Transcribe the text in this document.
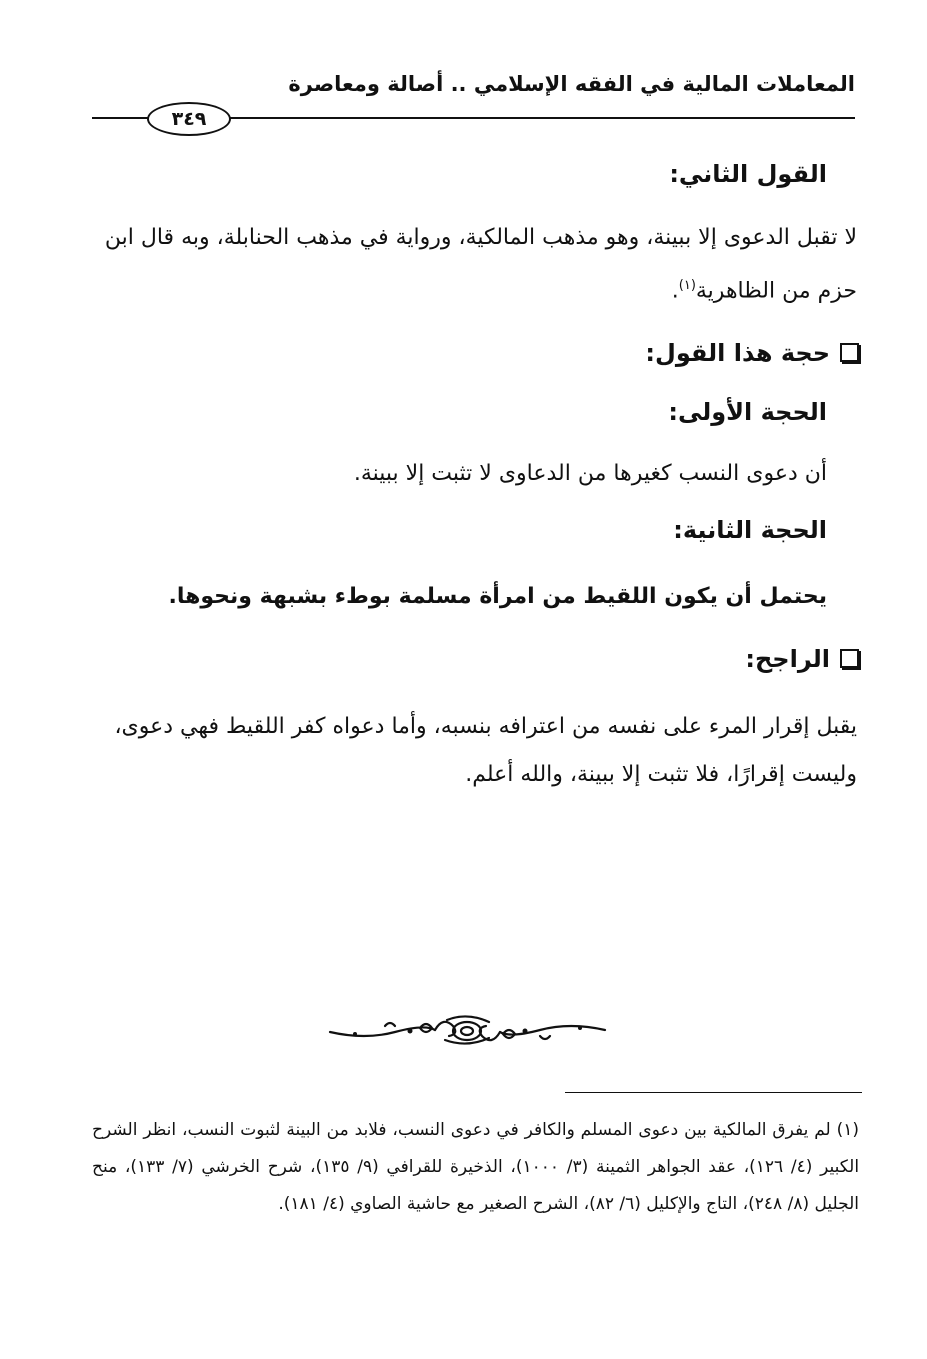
المعاملات المالية في الفقه الإسلامي .. أصالة ومعاصرة
٣٤٩
القول الثاني:
لا تقبل الدعوى إلا ببينة، وهو مذهب المالكية، ورواية في مذهب الحنابلة، وبه قال ابن حزم من الظاهرية$^{(١)}$.
حجة هذا القول:
الحجة الأولى:
أن دعوى النسب كغيرها من الدعاوى لا تثبت إلا ببينة.
الحجة الثانية:
يحتمل أن يكون اللقيط من امرأة مسلمة بوطء بشبهة ونحوها.
الراجح:
يقبل إقرار المرء على نفسه من اعترافه بنسبه، وأما دعواه كفر اللقيط فهي دعوى، وليست إقرارًا، فلا تثبت إلا ببينة، والله أعلم.
(١) لم يفرق المالكية بين دعوى المسلم والكافر في دعوى النسب، فلابد من البينة لثبوت النسب، انظر الشرح الكبير (٤/ ١٢٦)، عقد الجواهر الثمينة (٣/ ١٠٠٠)، الذخيرة للقرافي (٩/ ١٣٥)، شرح الخرشي (٧/ ١٣٣)، منح الجليل (٨/ ٢٤٨)، التاج والإكليل (٦/ ٨٢)، الشرح الصغير مع حاشية الصاوي (٤/ ١٨١).
